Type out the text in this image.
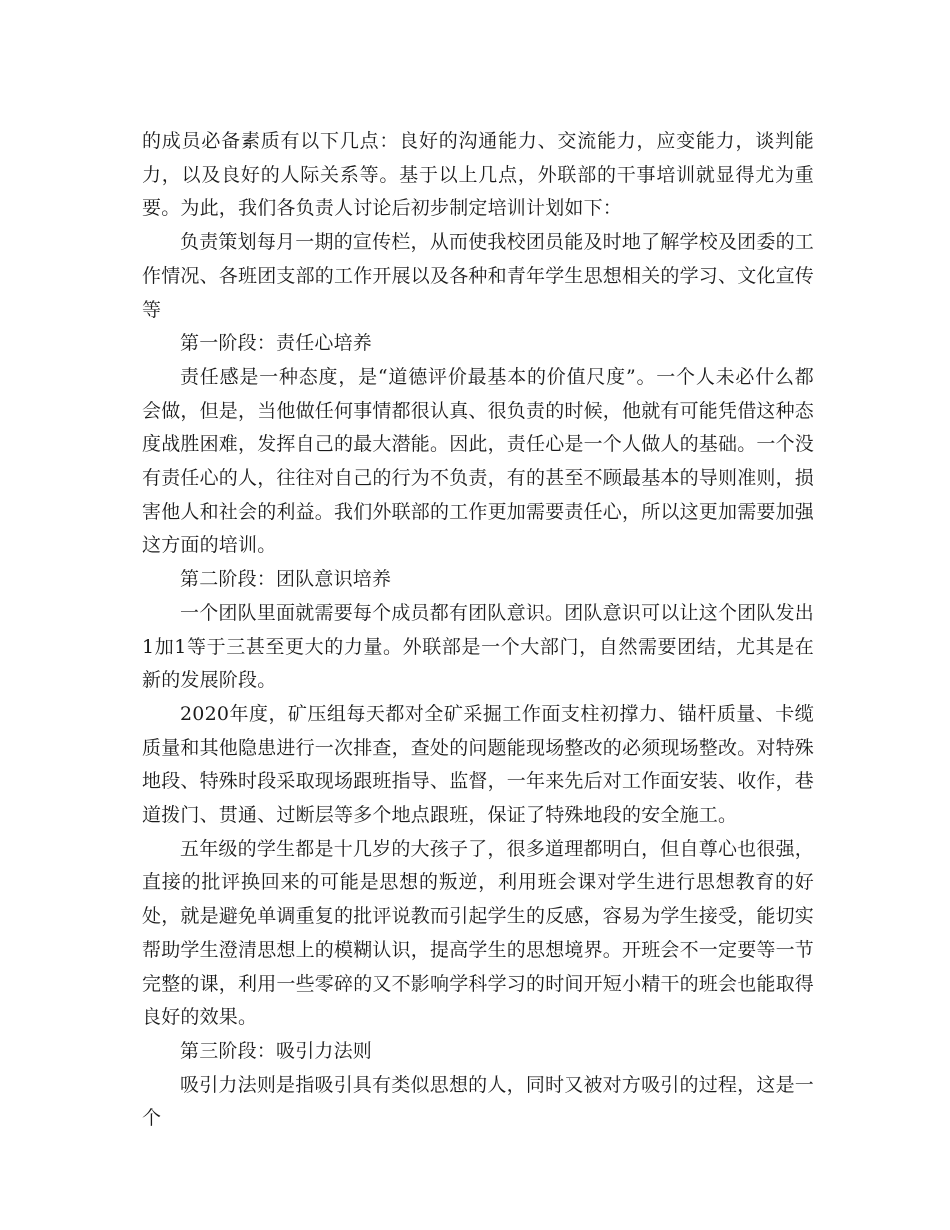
的成员必备素质有以下几点：良好的沟通能力、交流能力，应变能力，谈判能力，以及良好的人际关系等。基于以上几点，外联部的干事培训就显得尤为重要。为此，我们各负责人讨论后初步制定培训计划如下：

负责策划每月一期的宣传栏，从而使我校团员能及时地了解学校及团委的工作情况、各班团支部的工作开展以及各种和青年学生思想相关的学习、文化宣传等

第一阶段：责任心培养

责任感是一种态度，是“道德评价最基本的价值尺度”。一个人未必什么都会做，但是，当他做任何事情都很认真、很负责的时候，他就有可能凭借这种态度战胜困难，发挥自己的最大潜能。因此，责任心是一个人做人的基础。一个没有责任心的人，往往对自己的行为不负责，有的甚至不顾最基本的导则准则，损害他人和社会的利益。我们外联部的工作更加需要责任心，所以这更加需要加强这方面的培训。

第二阶段：团队意识培养

一个团队里面就需要每个成员都有团队意识。团队意识可以让这个团队发出1加1等于三甚至更大的力量。外联部是一个大部门，自然需要团结，尤其是在新的发展阶段。

2020年度，矿压组每天都对全矿采掘工作面支柱初撑力、锚杆质量、卡缆质量和其他隐患进行一次排查，查处的问题能现场整改的必须现场整改。对特殊地段、特殊时段采取现场跟班指导、监督，一年来先后对工作面安装、收作，巷道拨门、贯通、过断层等多个地点跟班，保证了特殊地段的安全施工。

五年级的学生都是十几岁的大孩子了，很多道理都明白，但自尊心也很强，直接的批评换回来的可能是思想的叛逆，利用班会课对学生进行思想教育的好处，就是避免单调重复的批评说教而引起学生的反感，容易为学生接受，能切实帮助学生澄清思想上的模糊认识，提高学生的思想境界。开班会不一定要等一节完整的课，利用一些零碎的又不影响学科学习的时间开短小精干的班会也能取得良好的效果。

第三阶段：吸引力法则

吸引力法则是指吸引具有类似思想的人，同时又被对方吸引的过程，这是一个
